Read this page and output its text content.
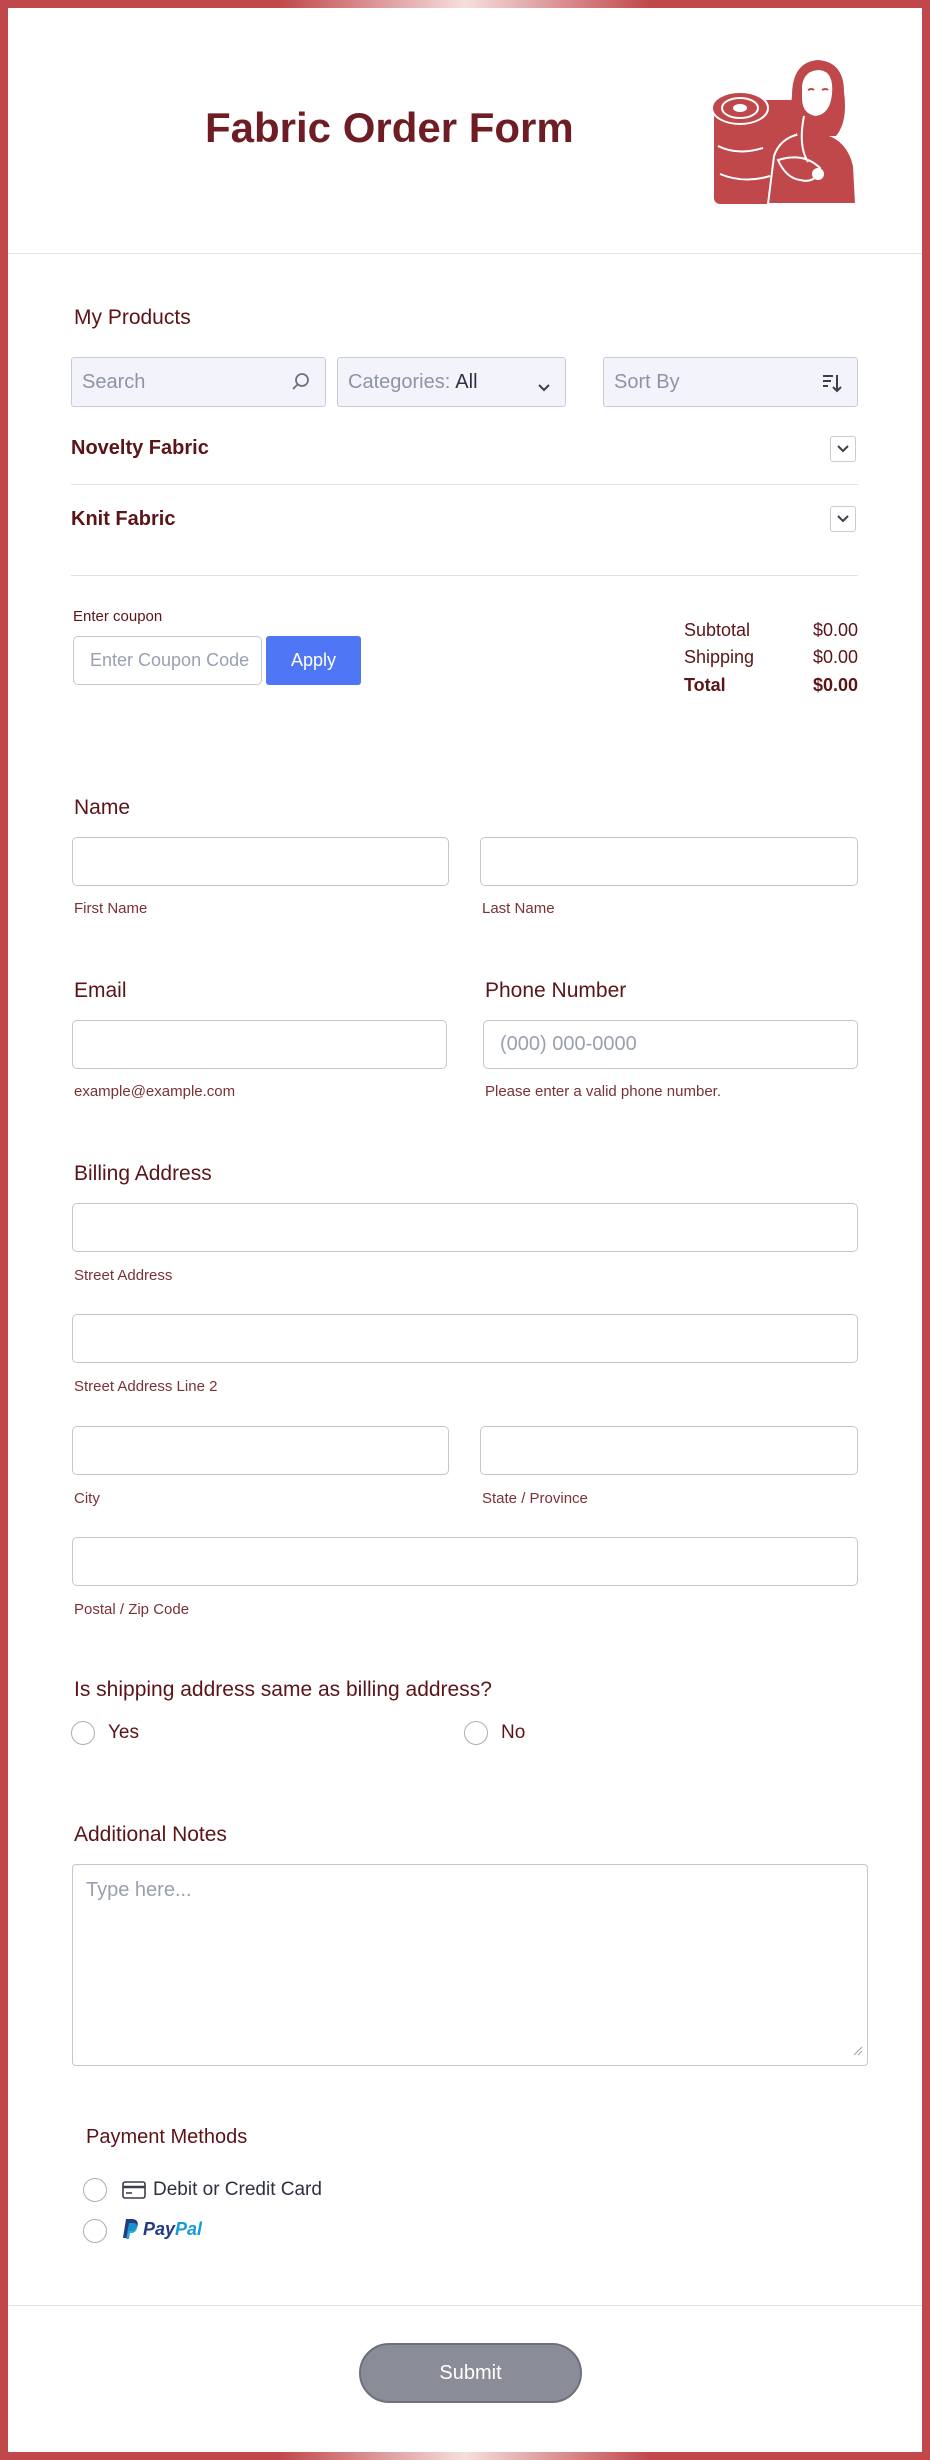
Fabric Order Form
My Products
Search	Categories: All	Sort By
Novelty Fabric
Knit Fabric
Enter coupon
Enter Coupon Code	Apply
Subtotal	$0.00
Shipping	$0.00
Total	$0.00
Name
First Name	Last Name
Email
example@example.com
Phone Number
(000) 000-0000
Please enter a valid phone number.
Billing Address
Street Address
Street Address Line 2
City	State / Province
Postal / Zip Code
Is shipping address same as billing address?
Yes	No
Additional Notes
Type here...
Payment Methods
Debit or Credit Card
Pay Pal
Submit
